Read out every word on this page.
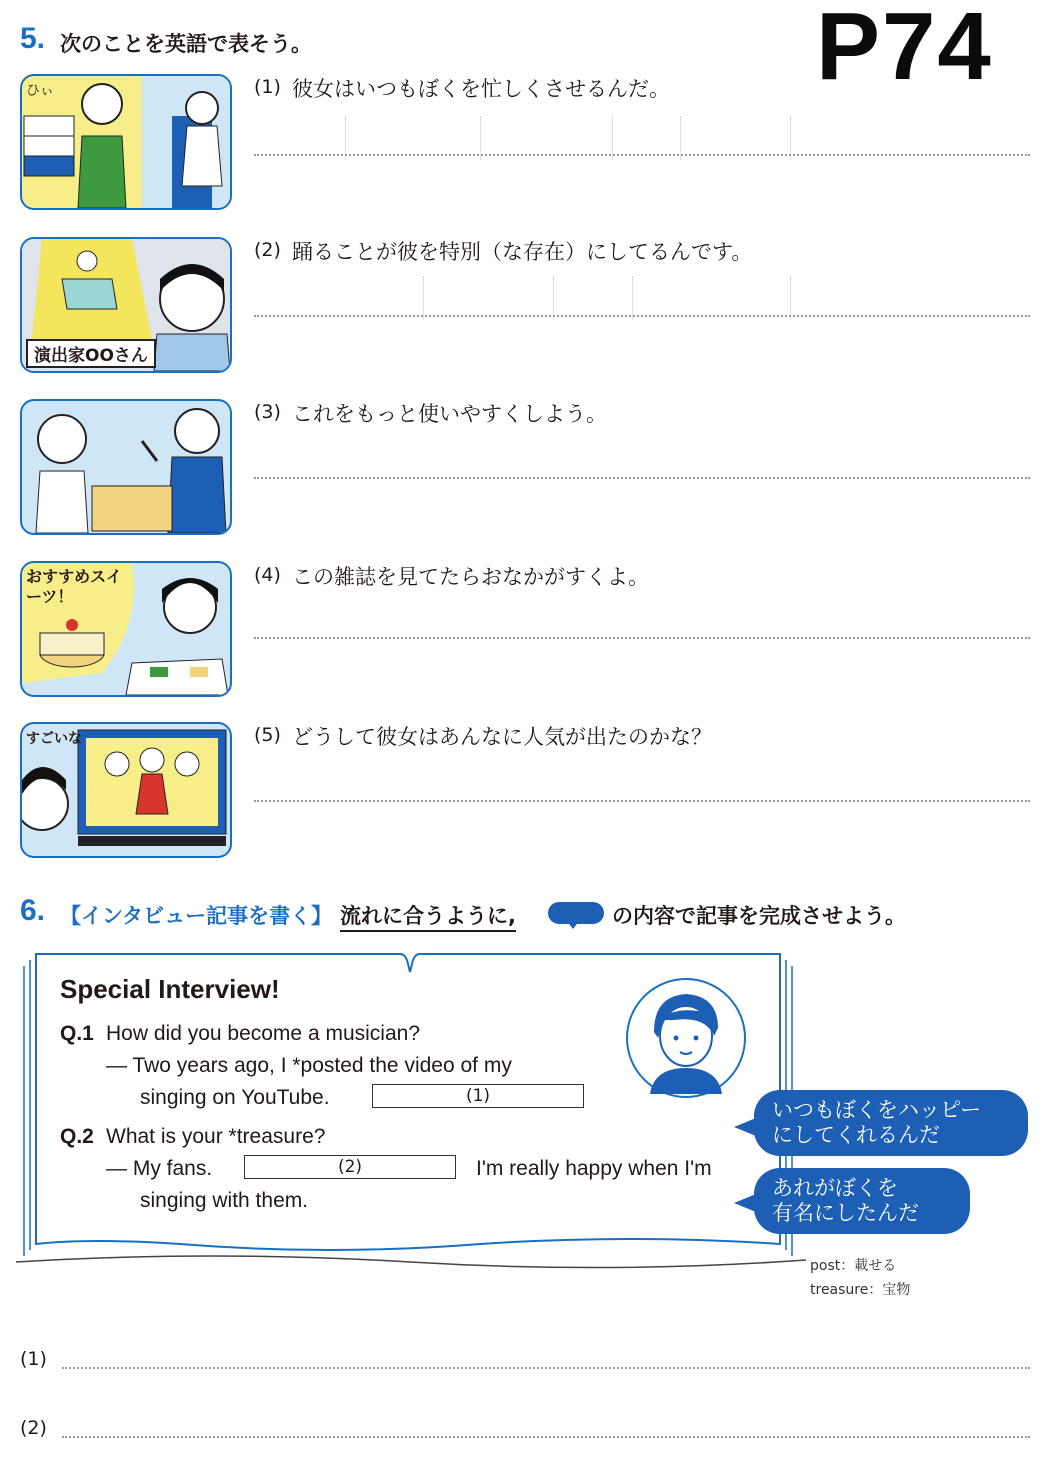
5. 次のことを英語で表そう。	P74
ひぃ	(1) 彼女はいつもぼくを忙しくさせるんだ。
演出家OOさん
(2) 踊ることが彼を特別（な存在）にしてるんです。
(3) これをもっと使いやすくしよう。
おすすめスイーツ！
(4) この雑誌を見てたらおなかがすくよ。
すごいな	(5) どうして彼女はあんなに人気が出たのかな？
6. 【インタビュー記事を書く】 流れに合うように,	の内容で記事を完成させよう。
Special Interview!
Q.1 How did you become a musician?
— Two years ago, I *posted the video of my
singing on YouTube.	(1)
Q.2 What is your *treasure?
— My fans.	(2)	I'm really happy when I'm
singing with them.
いつもぼくをハッピー
にしてくれるんだ
あれがぼくを
有名にしたんだ
post：載せる
treasure：宝物
(1)
(2)
